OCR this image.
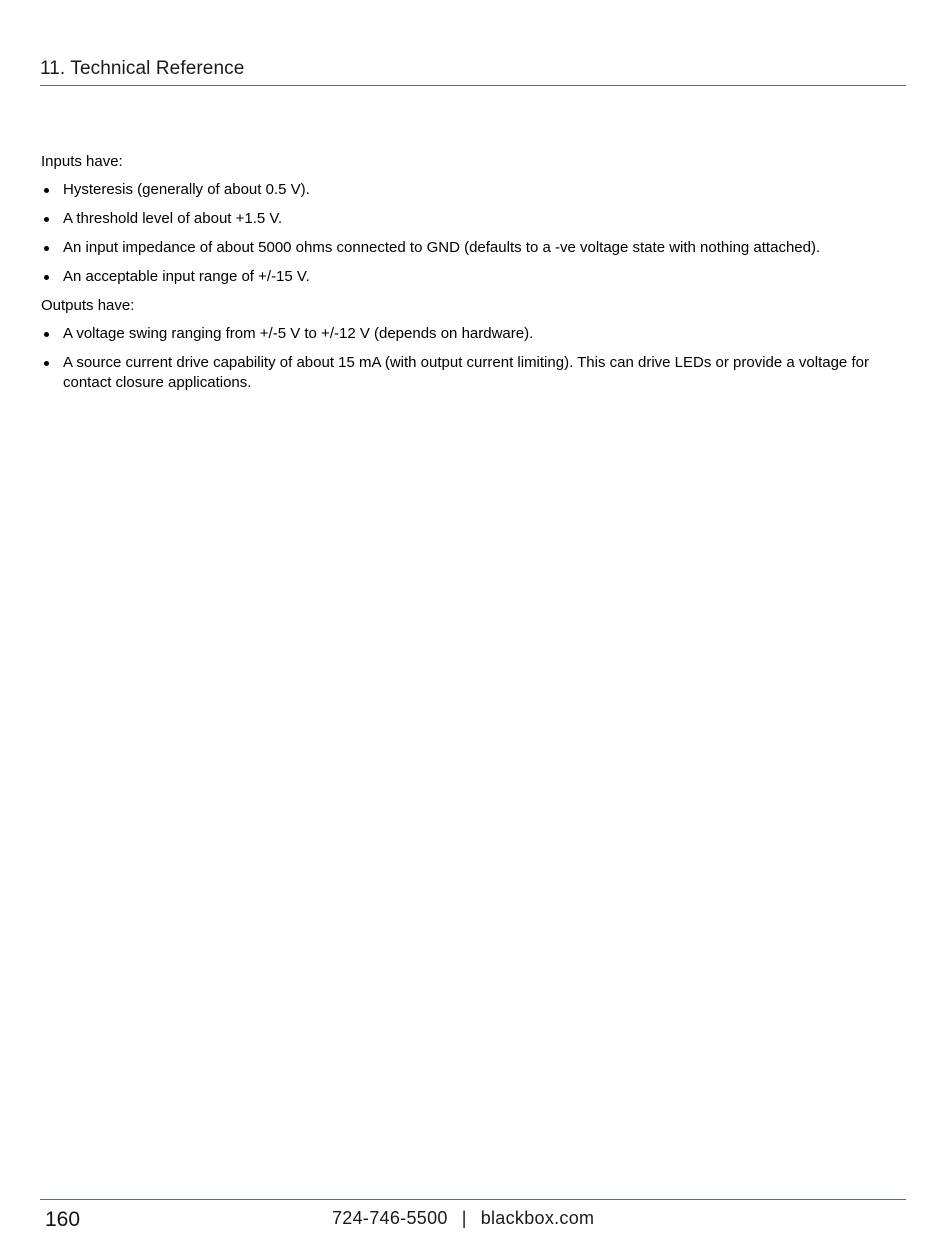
11. Technical Reference

Inputs have:

Hysteresis (generally of about 0.5 V).
A threshold level of about +1.5 V.
An input impedance of about 5000 ohms connected to GND (defaults to a -ve voltage state with nothing attached).
An acceptable input range of +/-15 V.

Outputs have:

A voltage swing ranging from +/-5 V to +/-12 V (depends on hardware).
A source current drive capability of about 15 mA (with output current limiting). This can drive LEDs or provide a voltage for contact closure applications.
160	724-746-5500 | blackbox.com
